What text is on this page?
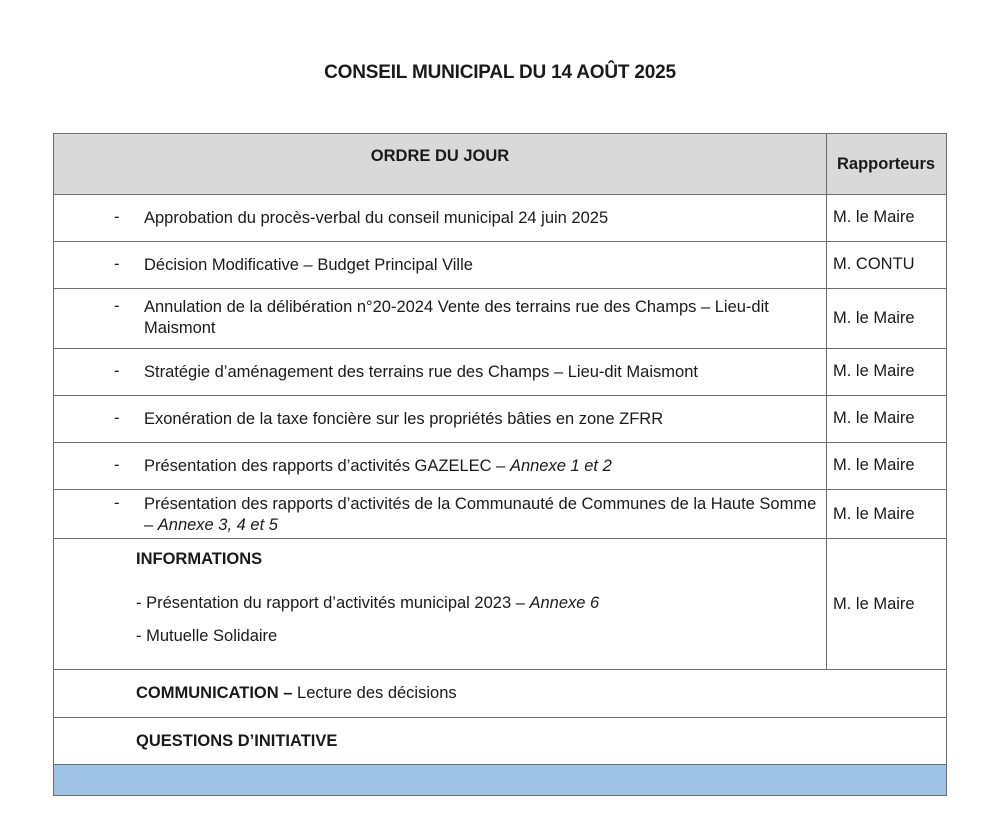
CONSEIL MUNICIPAL DU 14 AOÛT 2025
ORDRE DU JOUR	Rapporteurs

- Approbation du procès-verbal du conseil municipal 24 juin 2025	M. le Maire

- Décision Modificative – Budget Principal Ville	M. CONTU

- Annulation de la délibération n°20-2024 Vente des terrains rue des Champs – Lieu-dit Maismont	M. le Maire

- Stratégie d’aménagement des terrains rue des Champs – Lieu-dit Maismont	M. le Maire

- Exonération de la taxe foncière sur les propriétés bâties en zone ZFRR	M. le Maire

- Présentation des rapports d’activités GAZELEC – Annexe 1 et 2	M. le Maire

- Présentation des rapports d’activités de la Communauté de Communes de la Haute Somme – Annexe 3, 4 et 5	M. le Maire

INFORMATIONS
- Présentation du rapport d’activités municipal 2023 – Annexe 6
- Mutuelle Solidaire	M. le Maire
COMMUNICATION – Lecture des décisions	
QUESTIONS D’INITIATIVE	
